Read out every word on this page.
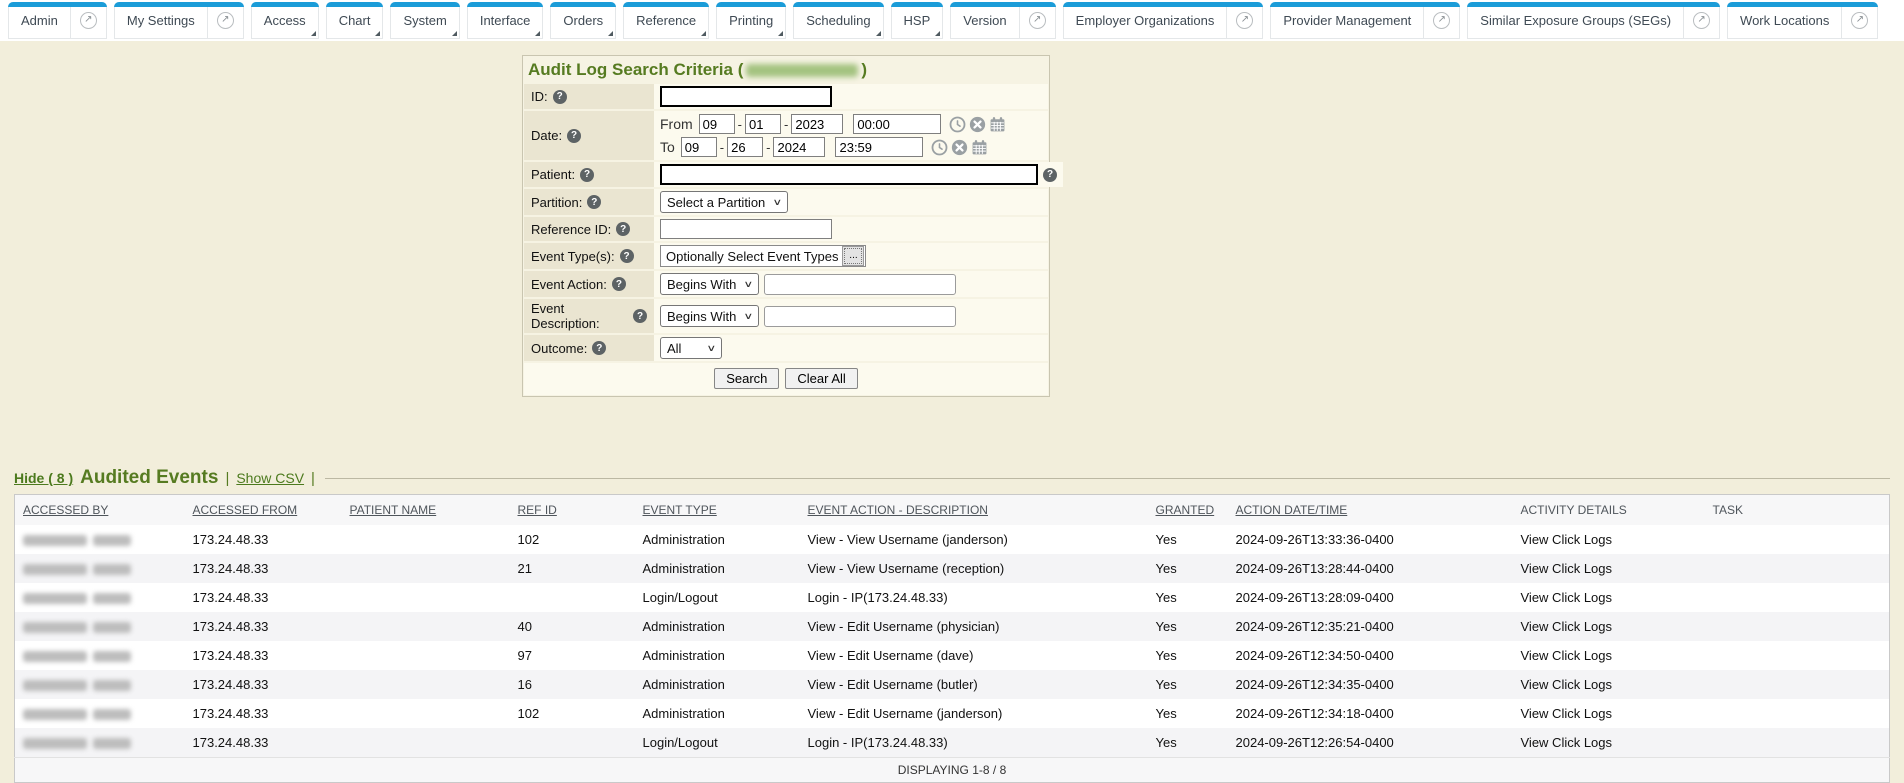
Admin	↗	My Settings	↗	Access	Chart	System	Interface	Orders	Reference	Printing	Scheduling	HSP	Version	↗	Employer Organizations	↗	Provider Management	↗	Similar Exposure Groups (SEGs)	↗	Work Locations	↗
Audit Log Search Criteria (	)
ID: ?
Date: ?
From
09	-
01	-
2023
00:00
To
09	-
26	-
2024
23:59
Patient: ?	?
Partition: ?	Select a Partition ∨
Reference ID: ?
Event Type(s): ?	Optionally Select Event Types	...
Event Action: ?	Begins With ∨
Event Description:	?	Begins With ∨
Outcome: ?	All	∨
Search	Clear All
Hide ( 8 ) Audited Events | Show CSV |
ACCESSED BY	ACCESSED FROM	PATIENT NAME	REF ID	EVENT TYPE	EVENT ACTION - DESCRIPTION	GRANTED	ACTION DATE/TIME	ACTIVITY DETAILS	TASK

	173.24.48.33		102	Administration	View - View Username (janderson)	Yes	2024-09-26T13:33:36-0400	View Click Logs	

	173.24.48.33		21	Administration	View - View Username (reception)	Yes	2024-09-26T13:28:44-0400	View Click Logs	

	173.24.48.33			Login/Logout	Login - IP(173.24.48.33)	Yes	2024-09-26T13:28:09-0400	View Click Logs	

	173.24.48.33		40	Administration	View - Edit Username (physician)	Yes	2024-09-26T12:35:21-0400	View Click Logs	

	173.24.48.33		97	Administration	View - Edit Username (dave)	Yes	2024-09-26T12:34:50-0400	View Click Logs	

	173.24.48.33		16	Administration	View - Edit Username (butler)	Yes	2024-09-26T12:34:35-0400	View Click Logs	

	173.24.48.33		102	Administration	View - Edit Username (janderson)	Yes	2024-09-26T12:34:18-0400	View Click Logs	

	173.24.48.33			Login/Logout	Login - IP(173.24.48.33)	Yes	2024-09-26T12:26:54-0400	View Click Logs	
DISPLAYING 1-8 / 8									
